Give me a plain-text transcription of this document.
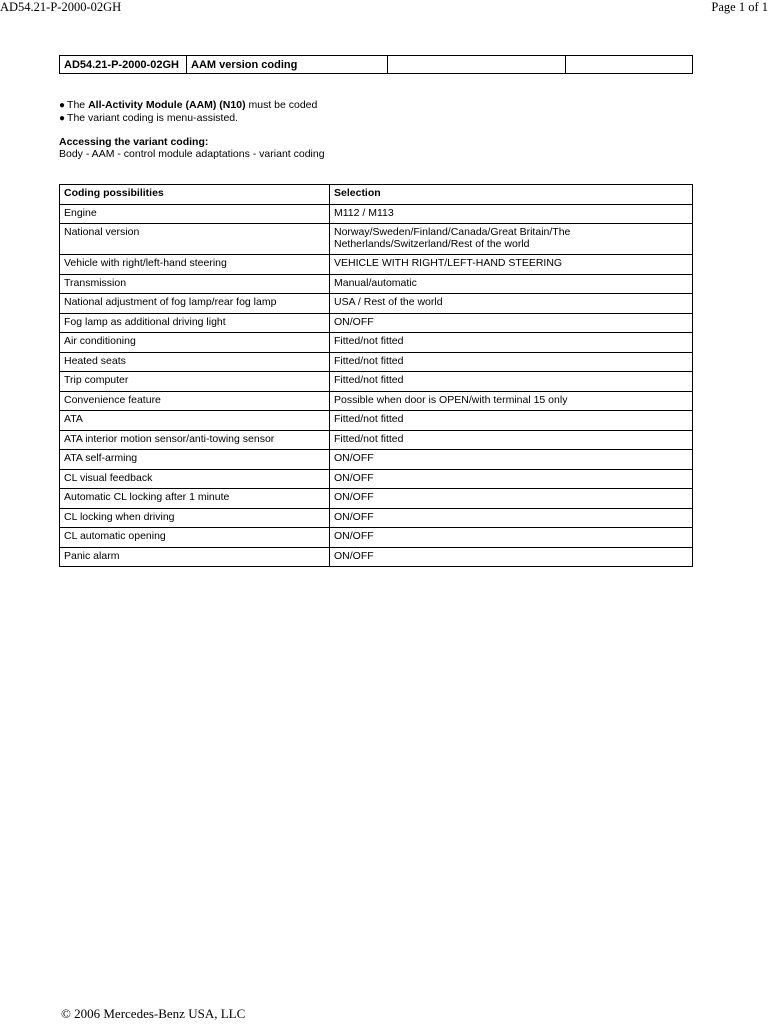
AD54.21-P-2000-02GH	Page 1 of 1
AD54.21-P-2000-02GH	AAM version coding		
● The All-Activity Module (AAM) (N10) must be coded
● The variant coding is menu-assisted.
Accessing the variant coding:
Body - AAM - control module adaptations - variant coding
Coding possibilities	Selection
Engine	M112 / M113
National version	Norway/Sweden/Finland/Canada/Great Britain/The
Netherlands/Switzerland/Rest of the world

Vehicle with right/left-hand steering	VEHICLE WITH RIGHT/LEFT-HAND STEERING
Transmission	Manual/automatic
National adjustment of fog lamp/rear fog lamp	USA / Rest of the world
Fog lamp as additional driving light	ON/OFF
Air conditioning	Fitted/not fitted
Heated seats	Fitted/not fitted
Trip computer	Fitted/not fitted
Convenience feature	Possible when door is OPEN/with terminal 15 only
ATA	Fitted/not fitted
ATA interior motion sensor/anti-towing sensor	Fitted/not fitted
ATA self-arming	ON/OFF
CL visual feedback	ON/OFF
Automatic CL locking after 1 minute	ON/OFF
CL locking when driving	ON/OFF
CL automatic opening	ON/OFF
Panic alarm	ON/OFF
© 2006 Mercedes-Benz USA, LLC
